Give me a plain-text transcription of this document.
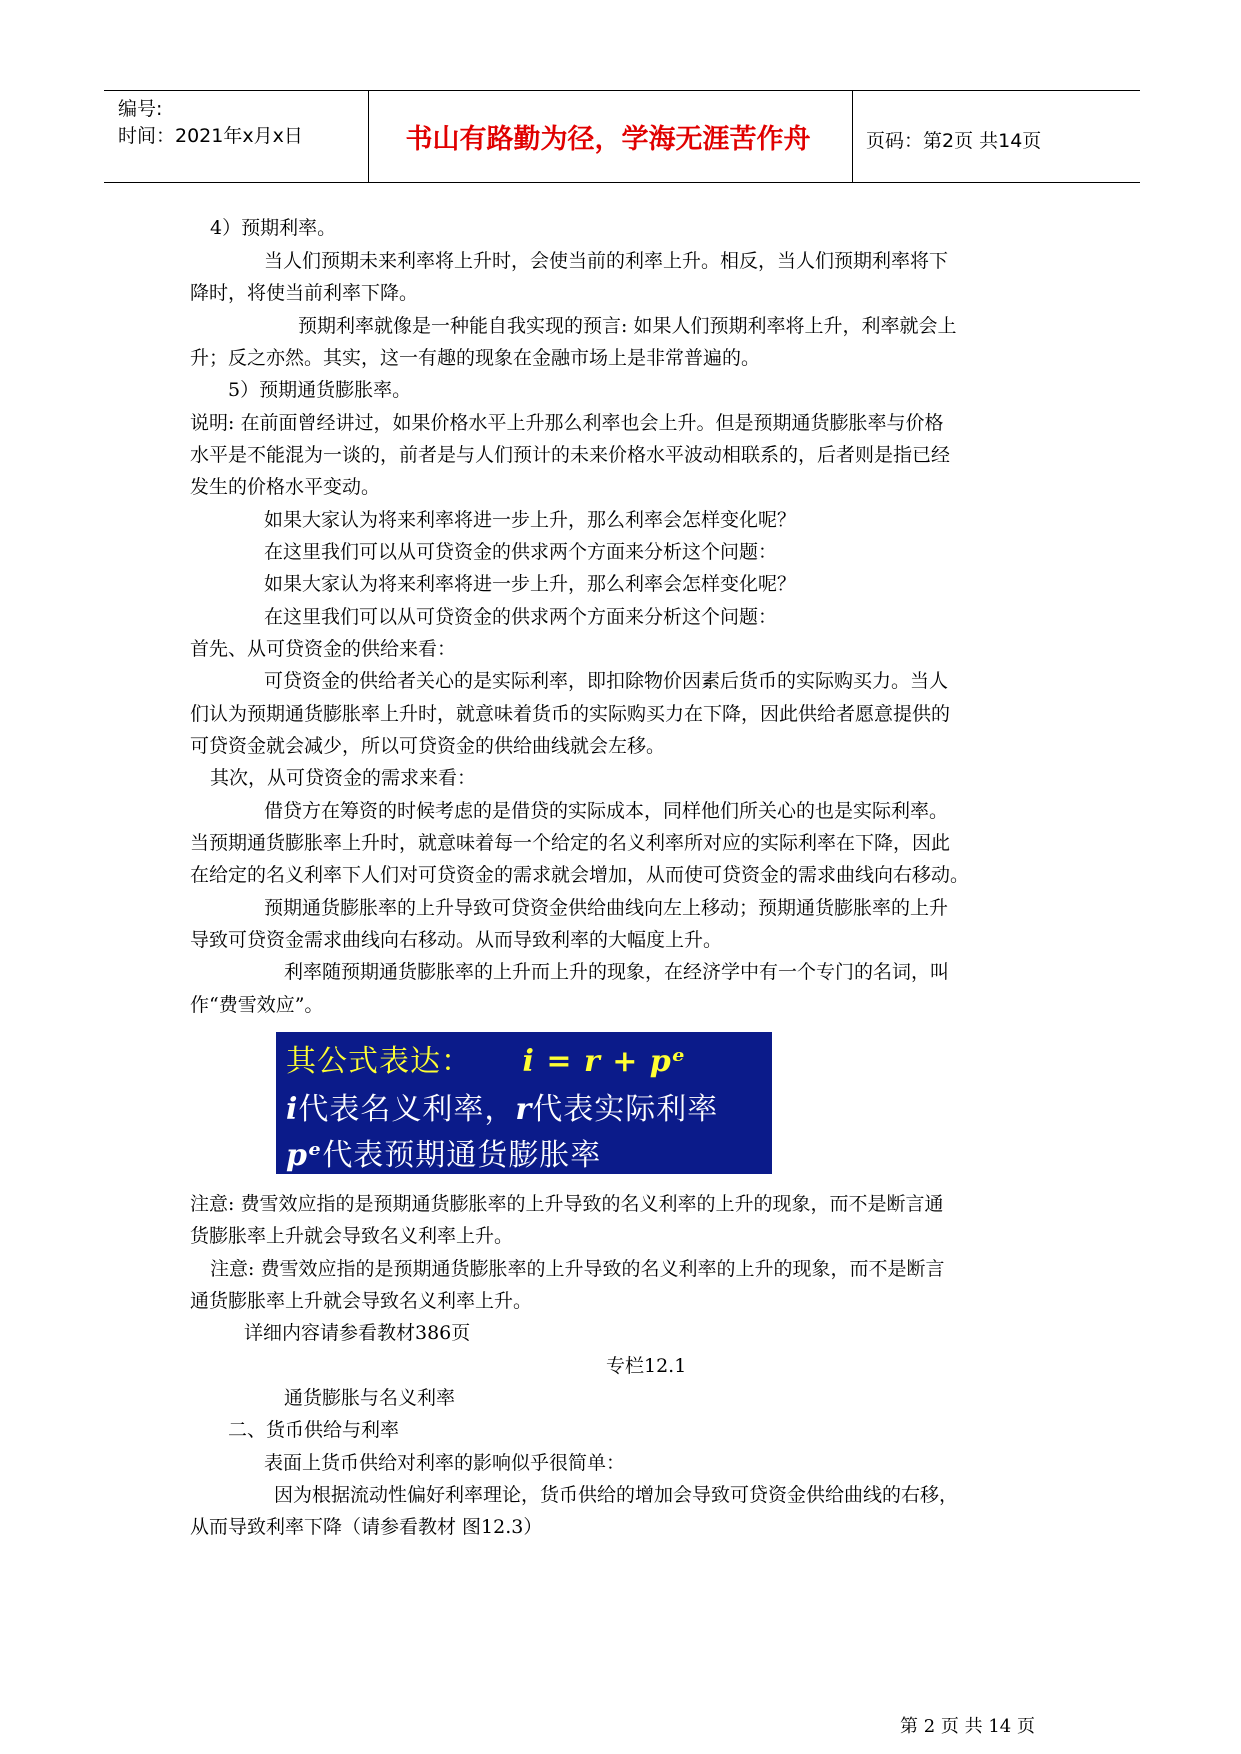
编号:
时间：2021年x月x日	书山有路勤为径，学海无涯苦作舟	页码：第2页 共14页
4）预期利率。
当人们预期未来利率将上升时，会使当前的利率上升。相反，当人们预期利率将下
降时，将使当前利率下降。
预期利率就像是一种能自我实现的预言: 如果人们预期利率将上升，利率就会上
升；反之亦然。其实，这一有趣的现象在金融市场上是非常普遍的。
5）预期通货膨胀率。
说明: 在前面曾经讲过，如果价格水平上升那么利率也会上升。但是预期通货膨胀率与价格
水平是不能混为一谈的，前者是与人们预计的未来价格水平波动相联系的，后者则是指已经
发生的价格水平变动。
如果大家认为将来利率将进一步上升，那么利率会怎样变化呢？
在这里我们可以从可贷资金的供求两个方面来分析这个问题：
如果大家认为将来利率将进一步上升，那么利率会怎样变化呢？
在这里我们可以从可贷资金的供求两个方面来分析这个问题：
首先、从可贷资金的供给来看：
可贷资金的供给者关心的是实际利率，即扣除物价因素后货币的实际购买力。当人
们认为预期通货膨胀率上升时，就意味着货币的实际购买力在下降，因此供给者愿意提供的
可贷资金就会减少，所以可贷资金的供给曲线就会左移。
其次，从可贷资金的需求来看：
借贷方在筹资的时候考虑的是借贷的实际成本，同样他们所关心的也是实际利率。
当预期通货膨胀率上升时，就意味着每一个给定的名义利率所对应的实际利率在下降，因此
在给定的名义利率下人们对可贷资金的需求就会增加，从而使可贷资金的需求曲线向右移动。
预期通货膨胀率的上升导致可贷资金供给曲线向左上移动；预期通货膨胀率的上升
导致可贷资金需求曲线向右移动。从而导致利率的大幅度上升。
利率随预期通货膨胀率的上升而上升的现象，在经济学中有一个专门的名词，叫
作“费雪效应”。
其公式表达： i = r + pᵉ
i代表名义利率，r代表实际利率
pᵉ代表预期通货膨胀率
注意: 费雪效应指的是预期通货膨胀率的上升导致的名义利率的上升的现象，而不是断言通
货膨胀率上升就会导致名义利率上升。
注意: 费雪效应指的是预期通货膨胀率的上升导致的名义利率的上升的现象，而不是断言
通货膨胀率上升就会导致名义利率上升。
详细内容请参看教材386页
专栏12.1
通货膨胀与名义利率
二、货币供给与利率
表面上货币供给对利率的影响似乎很简单：
因为根据流动性偏好利率理论，货币供给的增加会导致可贷资金供给曲线的右移，
从而导致利率下降（请参看教材 图12.3）
第 2 页 共 14 页
